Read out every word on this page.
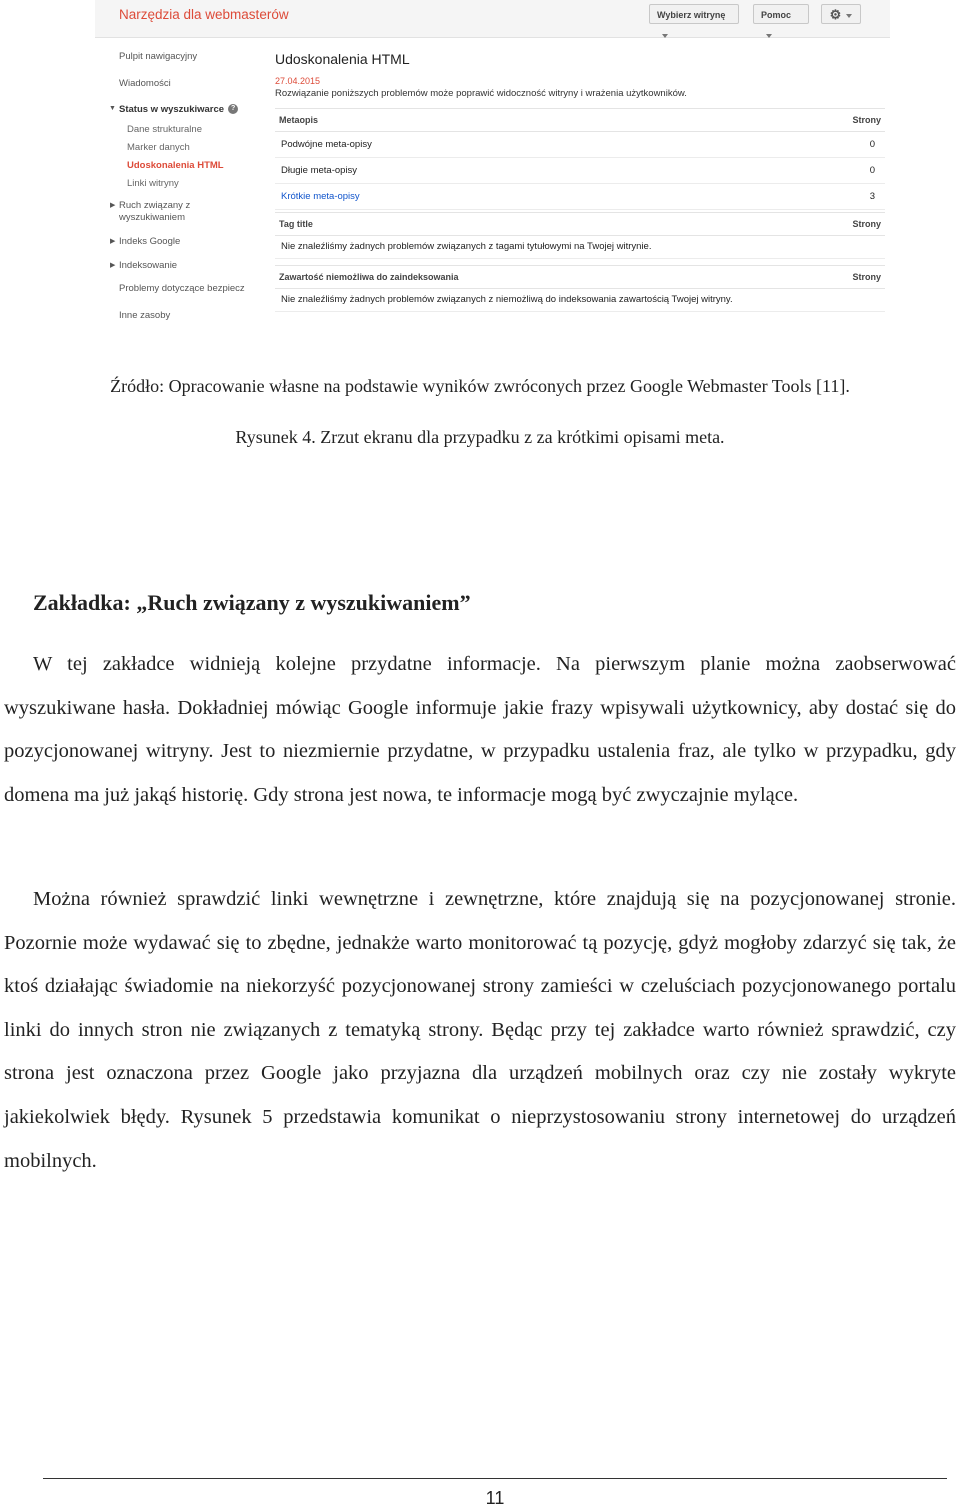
Narzędzia dla webmasterów	Wybierz witrynę	Pomoc	⚙
Pulpit nawigacyjny
Wiadomości
▼ Status w wyszukiwarce ?
Dane strukturalne
Marker danych
Udoskonalenia HTML
Linki witryny
▶ Ruch związany z
wyszukiwaniem
▶ Indeks Google
▶ Indeksowanie
Problemy dotyczące bezpiecz
Inne zasoby
Udoskonalenia HTML
27.04.2015
Rozwiązanie poniższych problemów może poprawić widoczność witryny i wrażenia użytkowników.
Metaopis	Strony
Podwójne meta-opisy	0
Długie meta-opisy	0
Krótkie meta-opisy	3
Tag title	Strony
Nie znaleźliśmy żadnych problemów związanych z tagami tytułowymi na Twojej witrynie.
Zawartość niemożliwa do zaindeksowania	Strony
Nie znaleźliśmy żadnych problemów związanych z niemożliwą do indeksowania zawartością Twojej witryny.
Źródło: Opracowanie własne na podstawie wyników zwróconych przez Google Webmaster Tools [11].
Rysunek 4. Zrzut ekranu dla przypadku z za krótkimi opisami meta.
Zakładka: „Ruch związany z wyszukiwaniem”

W tej zakładce widnieją kolejne przydatne informacje. Na pierwszym planie można zaobserwować wyszukiwane hasła. Dokładniej mówiąc Google informuje jakie frazy wpisywali użytkownicy, aby dostać się do pozycjonowanej witryny. Jest to niezmiernie przydatne, w przypadku ustalenia fraz, ale tylko w przypadku, gdy domena ma już jakąś historię. Gdy strona jest nowa, te informacje mogą być zwyczajnie mylące.

Można również sprawdzić linki wewnętrzne i zewnętrzne, które znajdują się na pozycjonowanej stronie. Pozornie może wydawać się to zbędne, jednakże warto monitorować tą pozycję, gdyż mogłoby zdarzyć się tak, że ktoś działając świadomie na niekorzyść pozycjonowanej strony zamieści w czeluściach pozycjonowanego portalu linki do innych stron nie związanych z tematyką strony. Będąc przy tej zakładce warto również sprawdzić, czy strona jest oznaczona przez Google jako przyjazna dla urządzeń mobilnych oraz czy nie zostały wykryte jakiekolwiek błędy. Rysunek 5 przedstawia komunikat o nieprzystosowaniu strony internetowej do urządzeń mobilnych.

11
